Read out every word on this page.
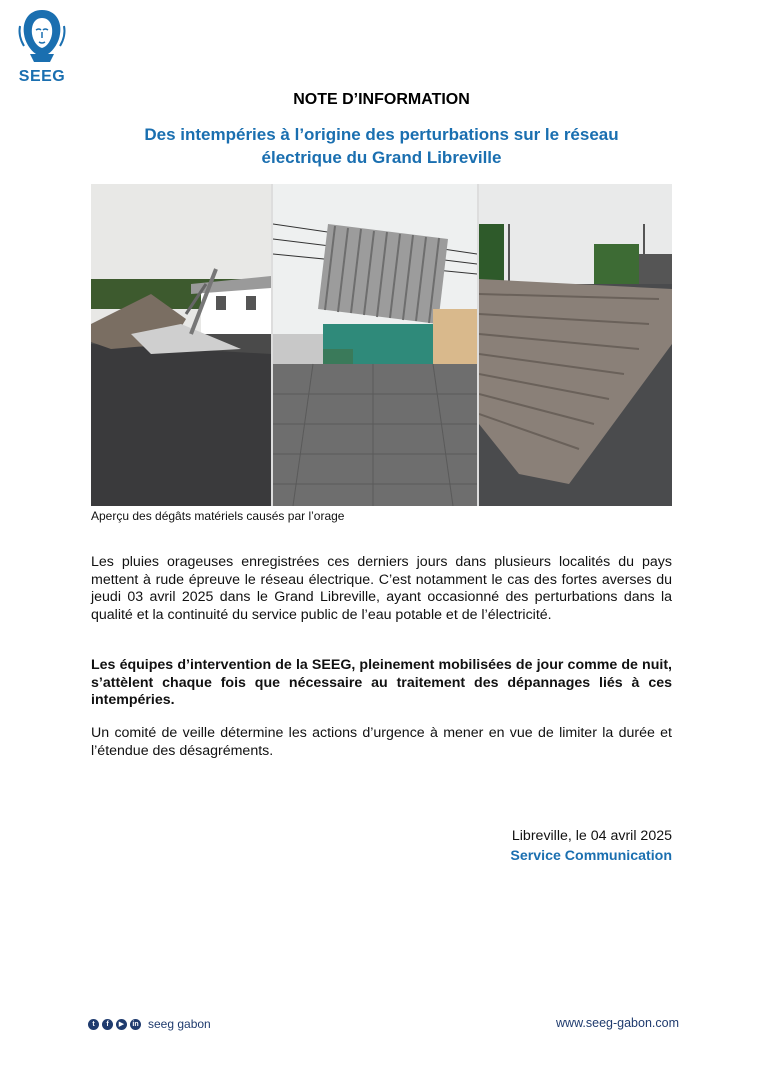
SEEG
NOTE D’INFORMATION
Des intempéries à l’origine des perturbations sur le réseau
électrique du Grand Libreville
Aperçu des dégâts matériels causés par l’orage
Les pluies orageuses enregistrées ces derniers jours dans plusieurs localités du pays mettent à rude épreuve le réseau électrique. C’est notamment le cas des fortes averses du jeudi 03 avril 2025 dans le Grand Libreville, ayant occasionné des perturbations dans la qualité et la continuité du service public de l’eau potable et de l’électricité.
Les équipes d’intervention de la SEEG, pleinement mobilisées de jour comme de nuit, s’attèlent chaque fois que nécessaire au traitement des dépannages liés à ces intempéries.
Un comité de veille détermine les actions d’urgence à mener en vue de limiter la durée et l’étendue des désagréments.
Libreville, le 04 avril 2025
Service Communication
t	f	▶	in seeg gabon	www.seeg-gabon.com
